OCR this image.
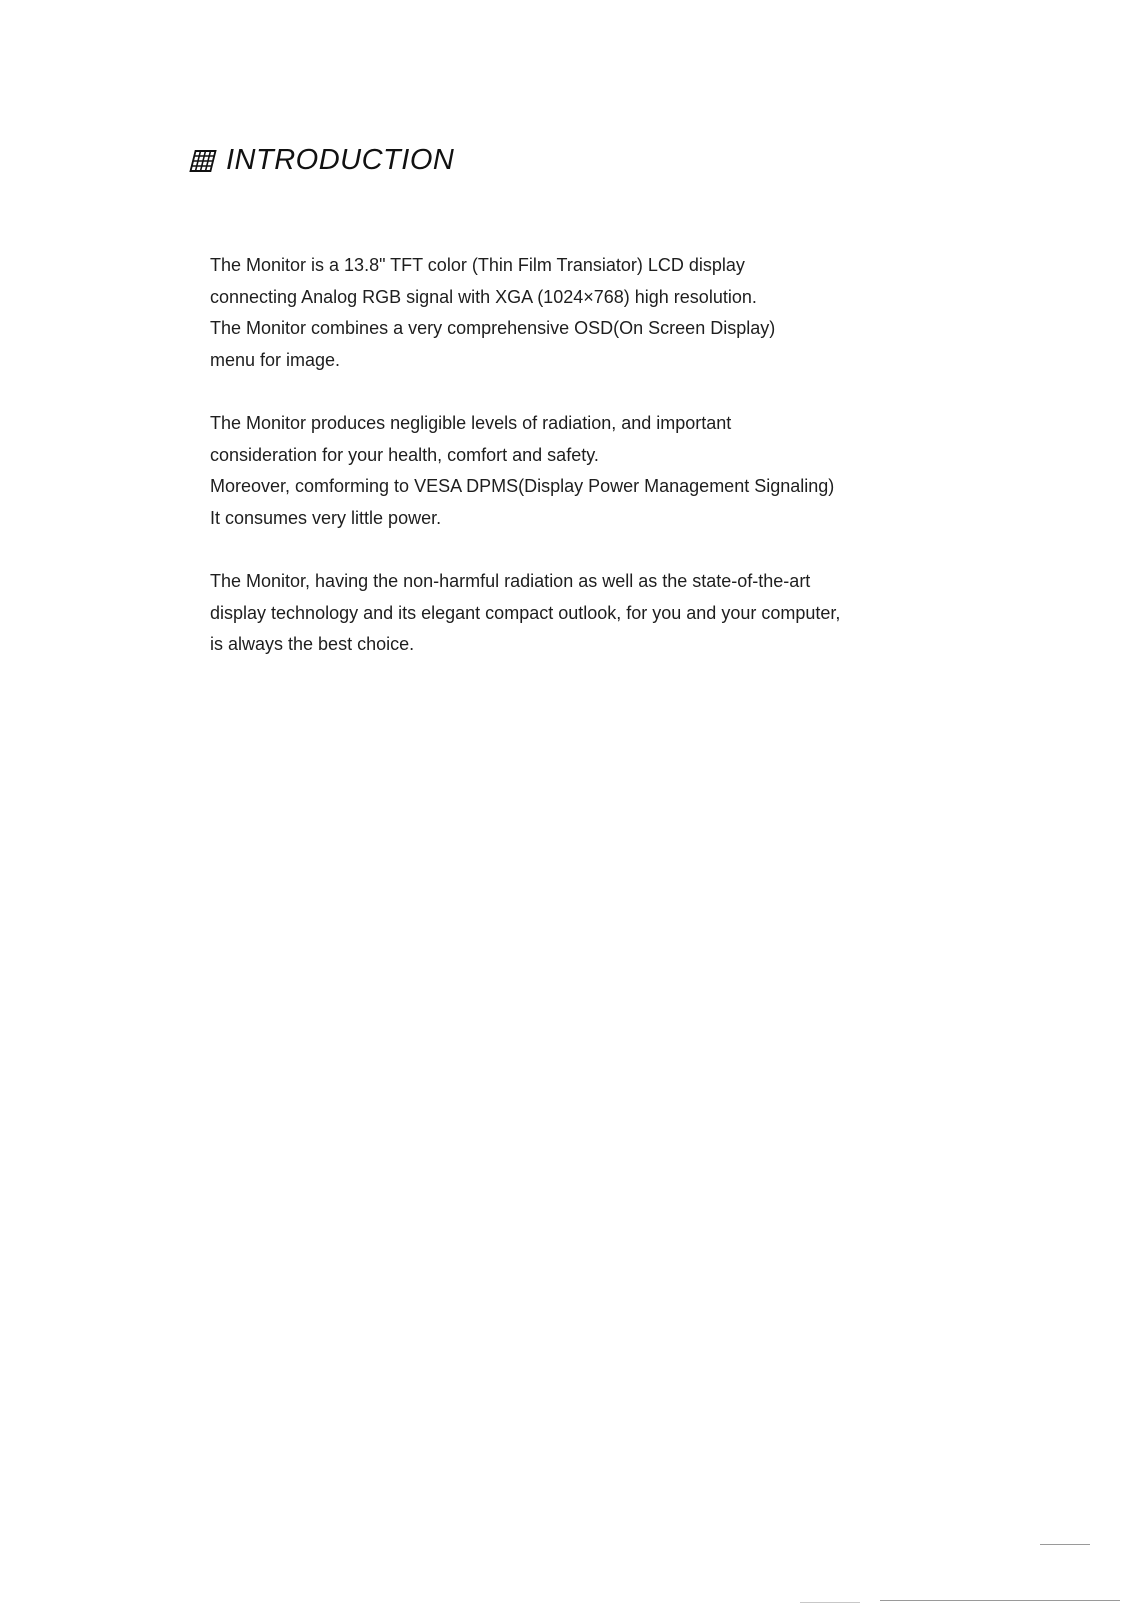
INTRODUCTION

The Monitor is a 13.8" TFT color (Thin Film Transiator) LCD display
connecting Analog RGB signal with XGA (1024×768) high resolution.
The Monitor combines a very comprehensive OSD(On Screen Display)
menu for image.

The Monitor produces negligible levels of radiation, and important
consideration for your health, comfort and safety.
Moreover, comforming to VESA DPMS(Display Power Management Signaling)
It consumes very little power.

The Monitor, having the non-harmful radiation as well as the state-of-the-art
display technology and its elegant compact outlook, for you and your computer,
is always the best choice.
